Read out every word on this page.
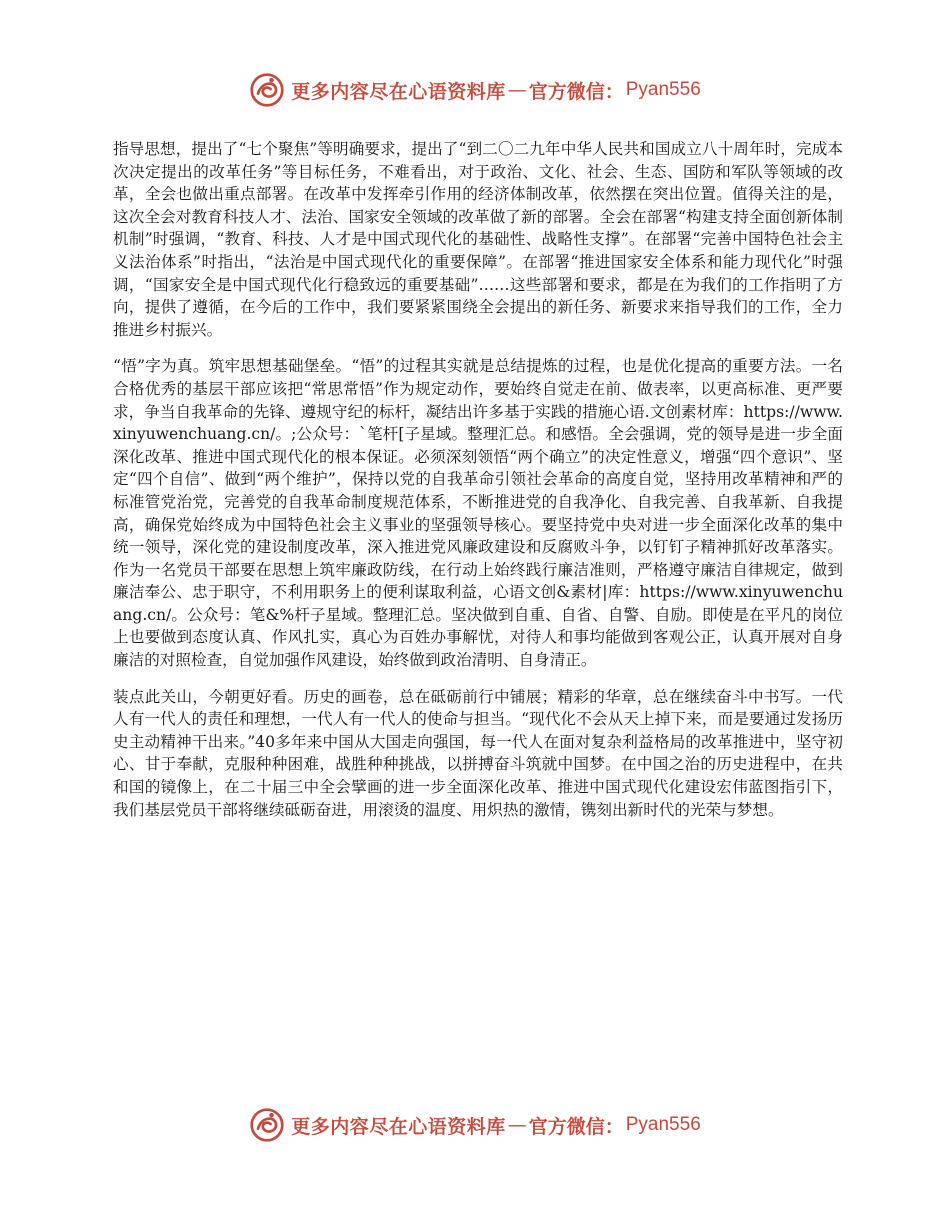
更多内容尽在心语资料库 — 官方微信： Pyan556

指导思想，提出了“七个聚焦”等明确要求，提出了“到二〇二九年中华人民共和国成立八十周年时，完成本次决定提出的改革任务”等目标任务，不难看出，对于政治、文化、社会、生态、国防和军队等领域的改革，全会也做出重点部署。在改革中发挥牵引作用的经济体制改革，依然摆在突出位置。值得关注的是，这次全会对教育科技人才、法治、国家安全领域的改革做了新的部署。全会在部署“构建支持全面创新体制机制”时强调，“教育、科技、人才是中国式现代化的基础性、战略性支撑”。在部署“完善中国特色社会主义法治体系”时指出，“法治是中国式现代化的重要保障”。在部署“推进国家安全体系和能力现代化”时强调，“国家安全是中国式现代化行稳致远的重要基础”……这些部署和要求，都是在为我们的工作指明了方向，提供了遵循，在今后的工作中，我们要紧紧围绕全会提出的新任务、新要求来指导我们的工作，全力推进乡村振兴。

“悟”字为真。筑牢思想基础堡垒。“悟”的过程其实就是总结提炼的过程，也是优化提高的重要方法。一名合格优秀的基层干部应该把“常思常悟”作为规定动作，要始终自觉走在前、做表率，以更高标准、更严要求，争当自我革命的先锋、遵规守纪的标杆，凝结出许多基于实践的措施心语.文创素材库：https://www.xinyuwenchuang.cn/。;公众号：`笔杆[子星域。整理汇总。和感悟。全会强调，党的领导是进一步全面深化改革、推进中国式现代化的根本保证。必须深刻领悟“两个确立”的决定性意义，增强“四个意识”、坚定“四个自信”、做到“两个维护”，保持以党的自我革命引领社会革命的高度自觉，坚持用改革精神和严的标准管党治党，完善党的自我革命制度规范体系，不断推进党的自我净化、自我完善、自我革新、自我提高，确保党始终成为中国特色社会主义事业的坚强领导核心。要坚持党中央对进一步全面深化改革的集中统一领导，深化党的建设制度改革，深入推进党风廉政建设和反腐败斗争，以钉钉子精神抓好改革落实。作为一名党员干部要在思想上筑牢廉政防线，在行动上始终践行廉洁准则，严格遵守廉洁自律规定，做到廉洁奉公、忠于职守，不利用职务上的便利谋取利益，心语文创&素材|库：https://www.xinyuwenchuang.cn/。公众号：笔&%杆子星域。整理汇总。坚决做到自重、自省、自警、自励。即使是在平凡的岗位上也要做到态度认真、作风扎实，真心为百姓办事解忧，对待人和事均能做到客观公正，认真开展对自身廉洁的对照检查，自觉加强作风建设，始终做到政治清明、自身清正。

装点此关山，今朝更好看。历史的画卷，总在砥砺前行中铺展；精彩的华章，总在继续奋斗中书写。一代人有一代人的责任和理想，一代人有一代人的使命与担当。“现代化不会从天上掉下来，而是要通过发扬历史主动精神干出来。”40多年来中国从大国走向强国，每一代人在面对复杂利益格局的改革推进中，坚守初心、甘于奉献，克服种种困难，战胜种种挑战，以拼搏奋斗筑就中国梦。在中国之治的历史进程中，在共和国的镜像上，在二十届三中全会擘画的进一步全面深化改革、推进中国式现代化建设宏伟蓝图指引下，我们基层党员干部将继续砥砺奋进，用滚烫的温度、用炽热的激情，镌刻出新时代的光荣与梦想。

更多内容尽在心语资料库 — 官方微信： Pyan556
